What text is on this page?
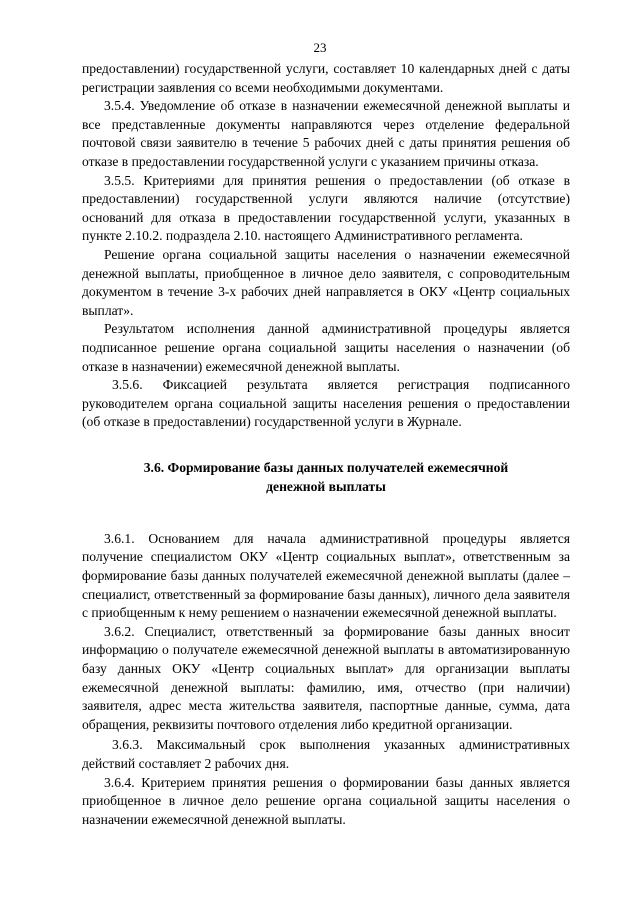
23

предоставлении) государственной услуги, составляет 10 календарных дней с даты регистрации заявления со всеми необходимыми документами.

3.5.4. Уведомление об отказе в назначении ежемесячной денежной выплаты и все представленные документы направляются через отделение федеральной почтовой связи заявителю в течение 5 рабочих дней с даты принятия решения об отказе в предоставлении государственной услуги с указанием причины отказа.

3.5.5. Критериями для принятия решения о предоставлении (об отказе в предоставлении) государственной услуги являются наличие (отсутствие) оснований для отказа в предоставлении государственной услуги, указанных в пункте 2.10.2. подраздела 2.10. настоящего Административного регламента.

Решение органа социальной защиты населения о назначении ежемесячной денежной выплаты, приобщенное в личное дело заявителя, с сопроводительным документом в течение 3-х рабочих дней направляется в ОКУ «Центр социальных выплат».

Результатом исполнения данной административной процедуры является подписанное решение органа социальной защиты населения о назначении (об отказе в назначении) ежемесячной денежной выплаты.

3.5.6. Фиксацией результата является регистрация подписанного руководителем органа социальной защиты населения решения о предоставлении (об отказе в предоставлении) государственной услуги в Журнале.

3.6. Формирование базы данных получателей ежемесячной
денежной выплаты

3.6.1. Основанием для начала административной процедуры является получение специалистом ОКУ «Центр социальных выплат», ответственным за формирование базы данных получателей ежемесячной денежной выплаты (далее – специалист, ответственный за формирование базы данных), личного дела заявителя с приобщенным к нему решением о назначении ежемесячной денежной выплаты.

3.6.2. Специалист, ответственный за формирование базы данных вносит информацию о получателе ежемесячной денежной выплаты в автоматизированную базу данных ОКУ «Центр социальных выплат» для организации выплаты ежемесячной денежной выплаты: фамилию, имя, отчество (при наличии) заявителя, адрес места жительства заявителя, паспортные данные, сумма, дата обращения, реквизиты почтового отделения либо кредитной организации.

3.6.3. Максимальный срок выполнения указанных административных действий составляет 2 рабочих дня.

3.6.4. Критерием принятия решения о формировании базы данных является приобщенное в личное дело решение органа социальной защиты населения о назначении ежемесячной денежной выплаты.
